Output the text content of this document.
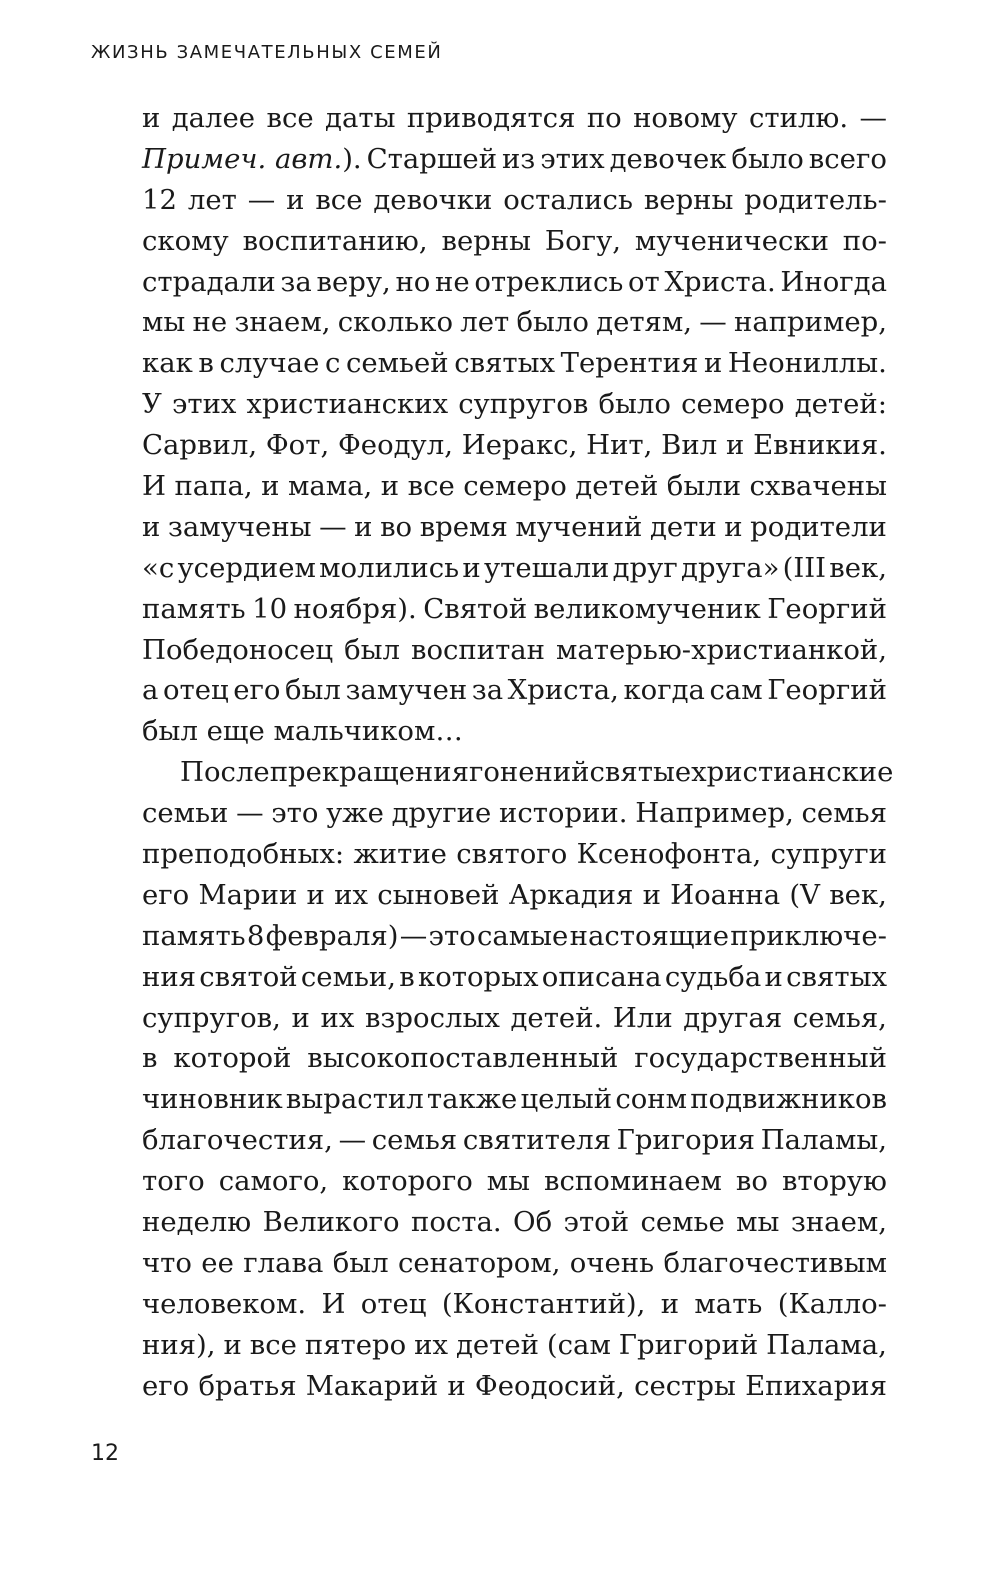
ЖИЗНЬ ЗАМЕЧАТЕЛЬНЫХ СЕМЕЙ
и далее все даты приводятся по новому стилю. —
Примеч. авт.). Старшей из этих девочек было всего
12 лет — и все девочки остались верны родитель-
скому воспитанию, верны Богу, мученически по-
страдали за веру, но не отреклись от Христа. Иногда
мы не знаем, сколько лет было детям, — например,
как в случае с семьей святых Терентия и Неониллы.
У этих христианских супругов было семеро детей:
Сарвил, Фот, Феодул, Иеракс, Нит, Вил и Евникия.
И папа, и мама, и все семеро детей были схвачены
и замучены — и во время мучений дети и родители
«с усердием молились и утешали друг друга» (III век,
память 10 ноября). Святой великомученик Георгий
Победоносец был воспитан матерью-христианкой,
а отец его был замучен за Христа, когда сам Георгий
был еще мальчиком…
После прекращения гонений святые христианские
семьи — это уже другие истории. Например, семья
преподобных: житие святого Ксенофонта, супруги
его Марии и их сыновей Аркадия и Иоанна (V век,
память 8 февраля) — это самые настоящие приключе-
ния святой семьи, в которых описана судьба и святых
супругов, и их взрослых детей. Или другая семья,
в которой высокопоставленный государственный
чиновник вырастил также целый сонм подвижников
благочестия, — семья святителя Григория Паламы,
того самого, которого мы вспоминаем во вторую
неделю Великого поста. Об этой семье мы знаем,
что ее глава был сенатором, очень благочестивым
человеком. И отец (Константий), и мать (Калло-
ния), и все пятеро их детей (сам Григорий Палама,
его братья Макарий и Феодосий, сестры Епихария
12
